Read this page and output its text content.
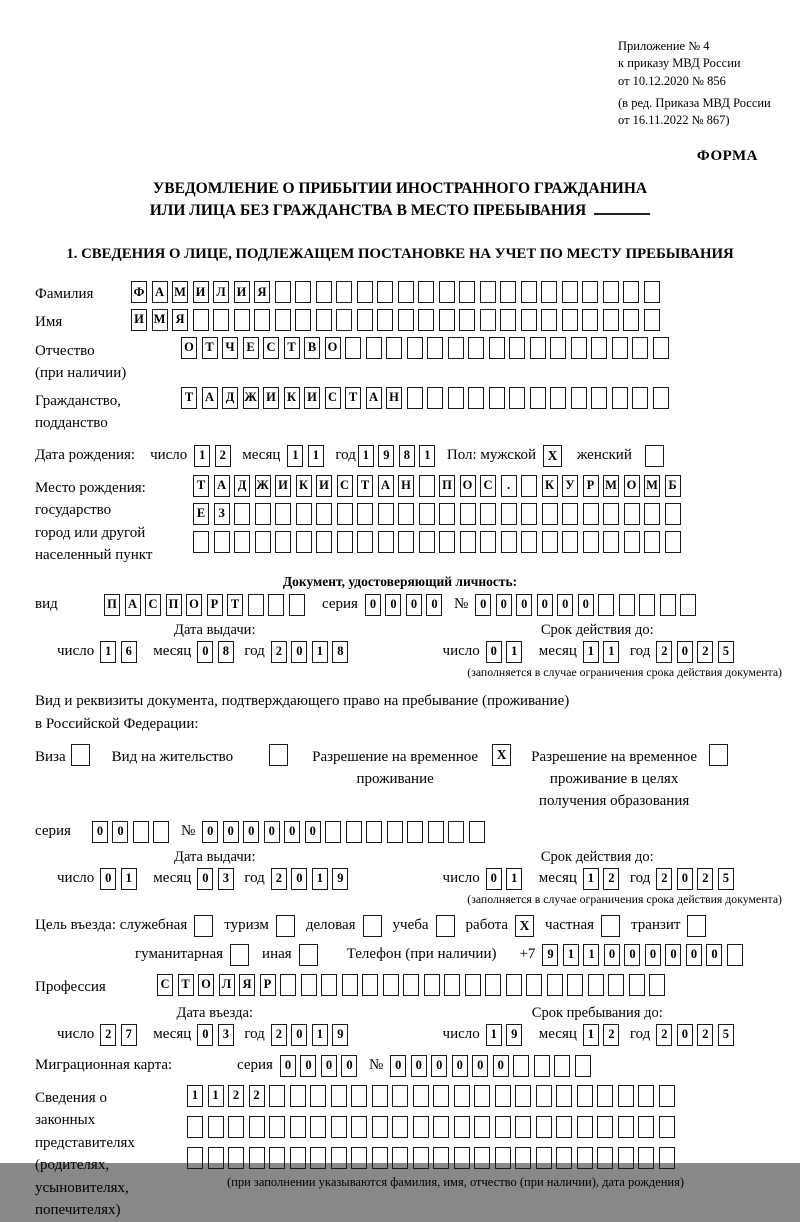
Приложение № 4
к приказу МВД России
от 10.12.2020 № 856
(в ред. Приказа МВД России
от 16.11.2022 № 867)
ФОРМА
УВЕДОМЛЕНИЕ О ПРИБЫТИИ ИНОСТРАННОГО ГРАЖДАНИНА
ИЛИ ЛИЦА БЕЗ ГРАЖДАНСТВА В МЕСТО ПРЕБЫВАНИЯ
1. СВЕДЕНИЯ О ЛИЦЕ, ПОДЛЕЖАЩЕМ ПОСТАНОВКЕ НА УЧЕТ ПО МЕСТУ ПРЕБЫВАНИЯ
Фамилия	Ф А М И Л И Я
Имя	И М Я
Отчество
(при наличии)
О Т Ч Е С Т В О
Гражданство,
подданство
Т А Д Ж И К И С Т А Н
Дата рождения: число 1	2	месяц 1	1	год 1	9	8	1	Пол: мужской X	женский
Место рождения:
государство
город или другой
населенный пункт
Т А Д Ж И К И С Т А Н	П О С	.	К У Р М О М Б
Е	З
Документ, удостоверяющий личность:
вид	П А С П О Р	Т	серия 0	0	0	0	№ 0	0	0	0	0	0
Дата выдачи:
число 1	6	месяц 0	8	год 2	0	1	8
Срок действия до:
число 0	1	месяц 1	1	год 2	0	2	5
(заполняется в случае ограничения срока действия документа)
Вид и реквизиты документа, подтверждающего право на пребывание (проживание)
в Российской Федерации:
Виза	Вид на жительство	Разрешение на временное
проживание
X	Разрешение на временное
проживание в целях
получения образования
серия	0	0	№ 0	0	0	0	0	0
Дата выдачи:
число 0	1	месяц 0	3	год 2	0	1	9
Срок действия до:
число 0	1	месяц 1	2	год 2	0	2	5
(заполняется в случае ограничения срока действия документа)
Цель въезда: служебная туризм деловая учеба работа X	частная транзит
гуманитарная	иная	Телефон (при наличии) +7 9	1	1	0	0	0	0	0	0
Профессия	С Т О Л Я Р
Дата въезда:
число 2	7	месяц 0	3	год 2	0	1	9
Срок пребывания до:
число 1	9	месяц 1	2	год 2	0	2	5
Миграционная карта:	серия 0	0	0	0	№ 0	0	0	0	0	0
Сведения о
законных
представителях
(родителях,
усыновителях,
попечителях)
1	1	2	2
(при заполнении указываются фамилия, имя, отчество (при наличии), дата рождения)
